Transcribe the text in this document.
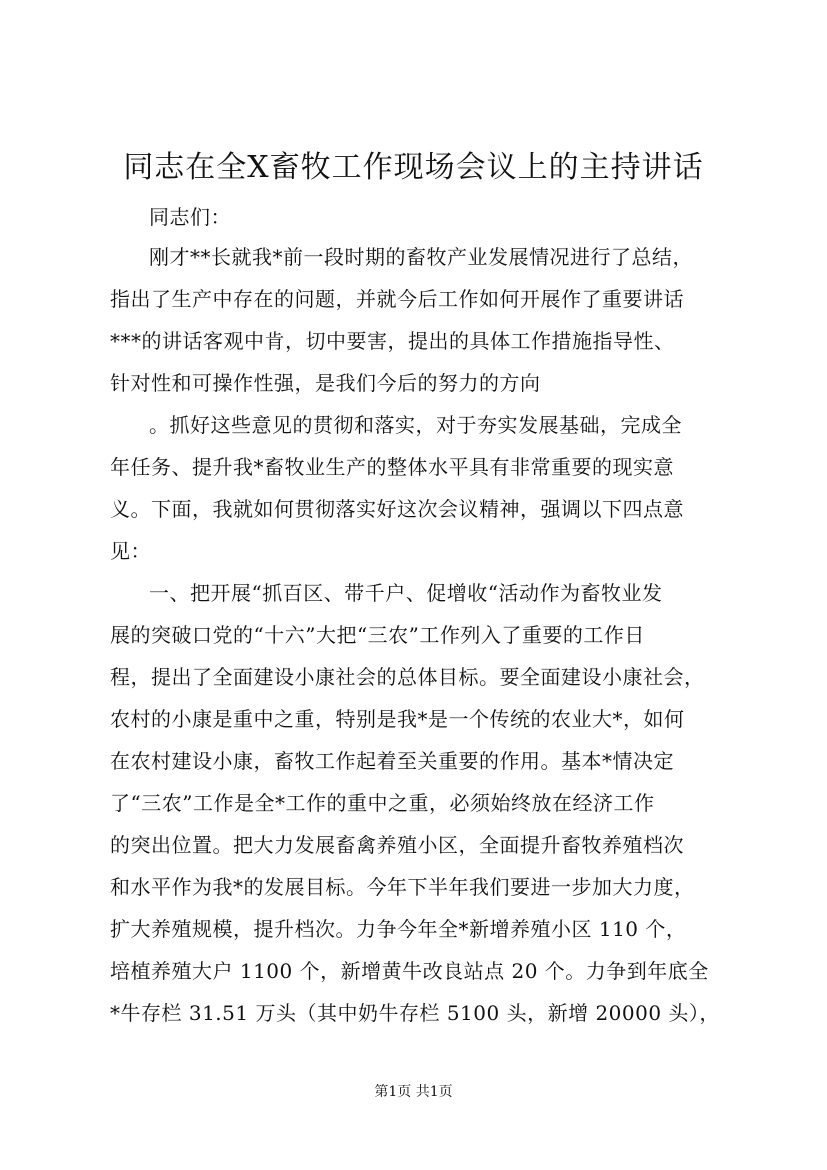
同志在全X畜牧工作现场会议上的主持讲话
同志们：
刚才**长就我*前一段时期的畜牧产业发展情况进行了总结，
指出了生产中存在的问题，并就今后工作如何开展作了重要讲话
***的讲话客观中肯，切中要害，提出的具体工作措施指导性、
针对性和可操作性强，是我们今后的努力的方向
。抓好这些意见的贯彻和落实，对于夯实发展基础，完成全
年任务、提升我*畜牧业生产的整体水平具有非常重要的现实意
义。下面，我就如何贯彻落实好这次会议精神，强调以下四点意
见：
一、把开展“抓百区、带千户、促增收“活动作为畜牧业发
展的突破口党的“十六”大把“三农”工作列入了重要的工作日
程，提出了全面建设小康社会的总体目标。要全面建设小康社会，
农村的小康是重中之重，特别是我*是一个传统的农业大*，如何
在农村建设小康，畜牧工作起着至关重要的作用。基本*情决定
了“三农”工作是全*工作的重中之重，必须始终放在经济工作
的突出位置。把大力发展畜禽养殖小区，全面提升畜牧养殖档次
和水平作为我*的发展目标。今年下半年我们要进一步加大力度，
扩大养殖规模，提升档次。力争今年全*新增养殖小区 110 个，
培植养殖大户 1100 个，新增黄牛改良站点 20 个。力争到年底全
*牛存栏 31.51 万头（其中奶牛存栏 5100 头，新增 20000 头），
第1页 共1页
